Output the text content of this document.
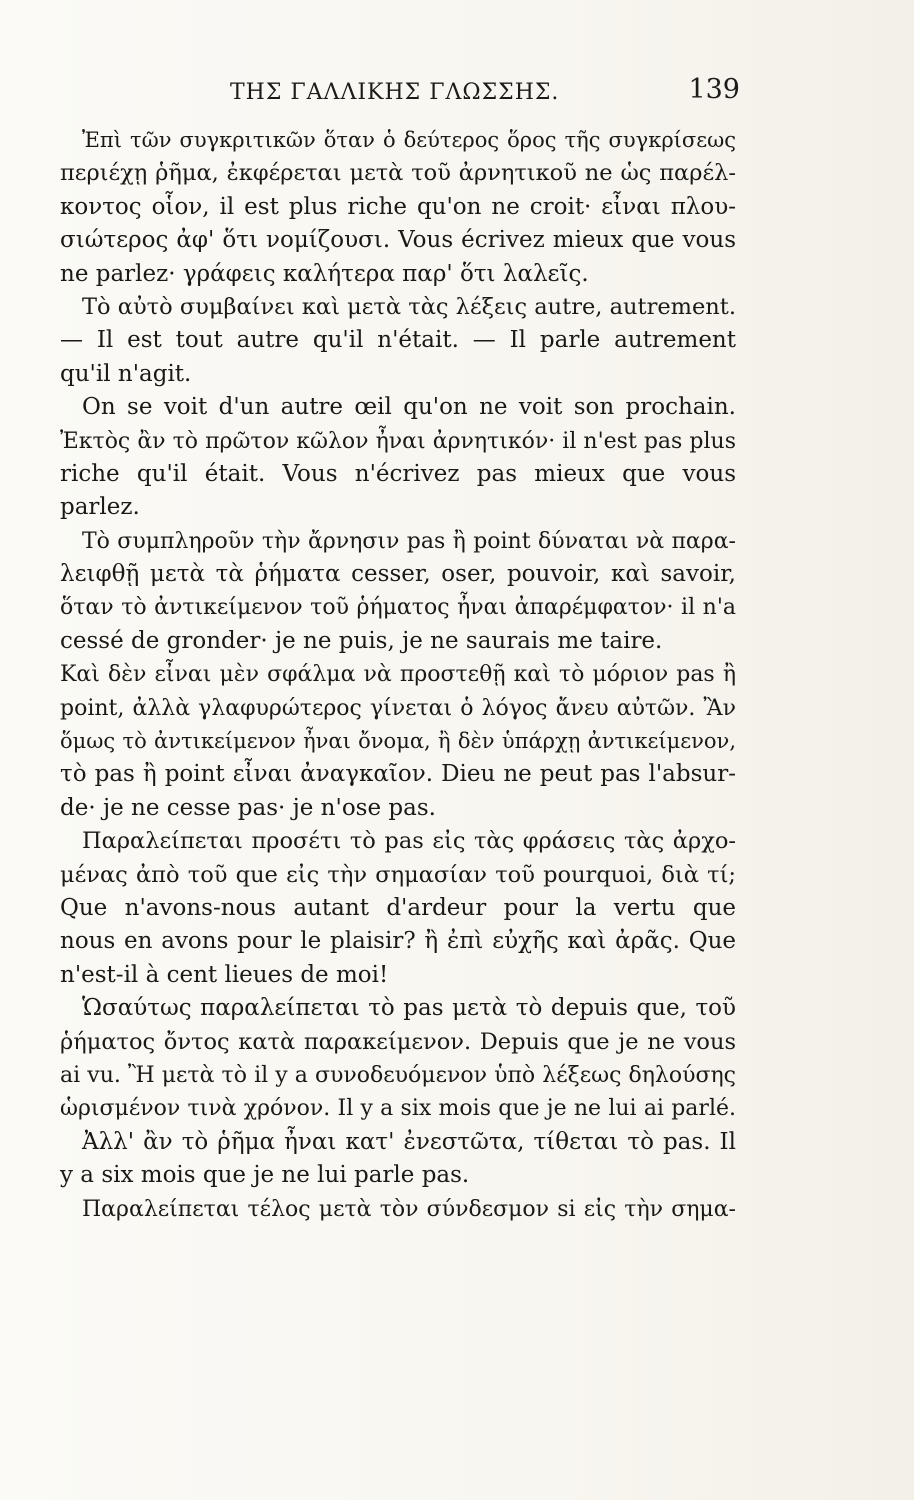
ΤΗΣ ΓΑΛΛΙΚΗΣ ΓΛΩΣΣΗΣ.	139
Ἐπὶ τῶν συγκριτικῶν ὅταν ὁ δεύτερος ὅρος τῆς συγκρίσεως
περιέχῃ ῥῆμα, ἐκφέρεται μετὰ τοῦ ἀρνητικοῦ ne ὡς παρέλ-
κοντος οἷον, il est plus riche qu'on ne croit· εἶναι πλου-
σιώτερος ἀφ' ὅτι νομίζουσι. Vous écrivez mieux que vous
ne parlez· γράφεις καλήτερα παρ' ὅτι λαλεῖς.
Τὸ αὐτὸ συμβαίνει καὶ μετὰ τὰς λέξεις autre, autrement.
— Il est tout autre qu'il n'était. — Il parle autrement
qu'il n'agit.
On se voit d'un autre œil qu'on ne voit son prochain.
Ἐκτὸς ἂν τὸ πρῶτον κῶλον ἦναι ἀρνητικόν· il n'est pas plus
riche qu'il était. Vous n'écrivez pas mieux que vous
parlez.
Τὸ συμπληροῦν τὴν ἄρνησιν pas ἢ point δύναται νὰ παρα-
λειφθῇ μετὰ τὰ ῥήματα cesser, oser, pouvoir, καὶ savoir,
ὅταν τὸ ἀντικείμενον τοῦ ῥήματος ἦναι ἀπαρέμφατον· il n'a
cessé de gronder· je ne puis, je ne saurais me taire.
Καὶ δὲν εἶναι μὲν σφάλμα νὰ προστεθῇ καὶ τὸ μόριον pas ἢ
point, ἀλλὰ γλαφυρώτερος γίνεται ὁ λόγος ἄνευ αὐτῶν. Ἂν
ὅμως τὸ ἀντικείμενον ἦναι ὄνομα, ἢ δὲν ὑπάρχῃ ἀντικείμενον,
τὸ pas ἢ point εἶναι ἀναγκαῖον. Dieu ne peut pas l'absur-
de· je ne cesse pas· je n'ose pas.
Παραλείπεται προσέτι τὸ pas εἰς τὰς φράσεις τὰς ἀρχο-
μένας ἀπὸ τοῦ que εἰς τὴν σημασίαν τοῦ pourquoi, διὰ τί;
Que n'avons-nous autant d'ardeur pour la vertu que
nous en avons pour le plaisir? ἢ ἐπὶ εὐχῆς καὶ ἀρᾶς. Que
n'est-il à cent lieues de moi!
Ὡσαύτως παραλείπεται τὸ pas μετὰ τὸ depuis que, τοῦ
ῥήματος ὄντος κατὰ παρακείμενον. Depuis que je ne vous
ai vu. Ἢ μετὰ τὸ il y a συνοδευόμενον ὑπὸ λέξεως δηλούσης
ὡρισμένον τινὰ χρόνον. Il y a six mois que je ne lui ai parlé.
Ἀλλ' ἂν τὸ ῥῆμα ἦναι κατ' ἐνεστῶτα, τίθεται τὸ pas. Il
y a six mois que je ne lui parle pas.
Παραλείπεται τέλος μετὰ τὸν σύνδεσμον si εἰς τὴν σημα-
